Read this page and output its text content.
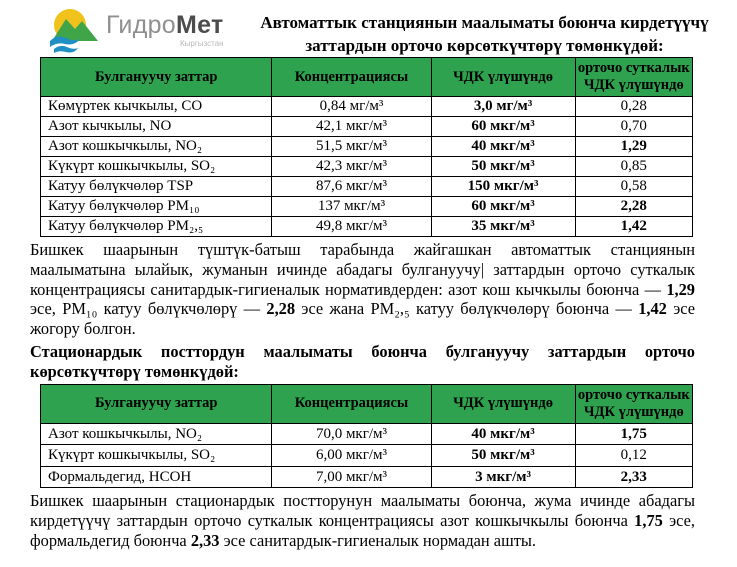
ГидроМет
Кыргызстан
Автоматтык станциянын маалыматы боюнча кирдетүүчү заттардын орточо көрсөткүчтөрү төмөнкүдөй:
Булгануучу заттар	Концентрациясы	ЧДК үлүшүндө	орточо суткалык ЧДК үлүшүндө
Көмүртек кычкылы, CO	0,84 мг/м³	3,0 мг/м³	0,28
Азот кычкылы, NO	42,1 мкг/м³	60 мкг/м³	0,70
Азот кошкычкылы, NO₂	51,5 мкг/м³	40 мкг/м³	1,29
Күкүрт кошкычкылы, SO₂	42,3 мкг/м³	50 мкг/м³	0,85
Катуу бөлүкчөлөр TSP	87,6 мкг/м³	150 мкг/м³	0,58
Катуу бөлүкчөлөр PM₁₀	137 мкг/м³	60 мкг/м³	2,28
Катуу бөлүкчөлөр PM₂,₅	49,8 мкг/м³	35 мкг/м³	1,42

Бишкек шаарынын түштүк-батыш тарабында жайгашкан автоматтык станциянын маалыматына ылайык, жуманын ичинде абадагы булгануучу| заттардын орточо суткалык концентрациясы санитардык-гигиеналык нормативдерден: азот кош кычкылы боюнча — 1,29 эсе, PM₁₀ катуу бөлүкчөлөрү — 2,28 эсе жана PM₂,₅ катуу бөлүкчөлөрү боюнча — 1,42 эсе жогору болгон.

Стационардык посттордун маалыматы боюнча булгануучу заттардын орточо көрсөткүчтөрү төмөнкүдөй:

Булгануучу заттар	Концентрациясы	ЧДК үлүшүндө	орточо суткалык ЧДК үлүшүндө
Азот кошкычкылы, NO₂	70,0 мкг/м³	40 мкг/м³	1,75
Күкүрт кошкычкылы, SO₂	6,00 мкг/м³	50 мкг/м³	0,12
Формальдегид, HCOH	7,00 мкг/м³	3 мкг/м³	2,33

Бишкек шаарынын стационардык постторунун маалыматы боюнча, жума ичинде абадагы кирдетүүчү заттардын орточо суткалык концентрациясы азот кошкычкылы боюнча 1,75 эсе, формальдегид боюнча 2,33 эсе санитардык-гигиеналык нормадан ашты.
